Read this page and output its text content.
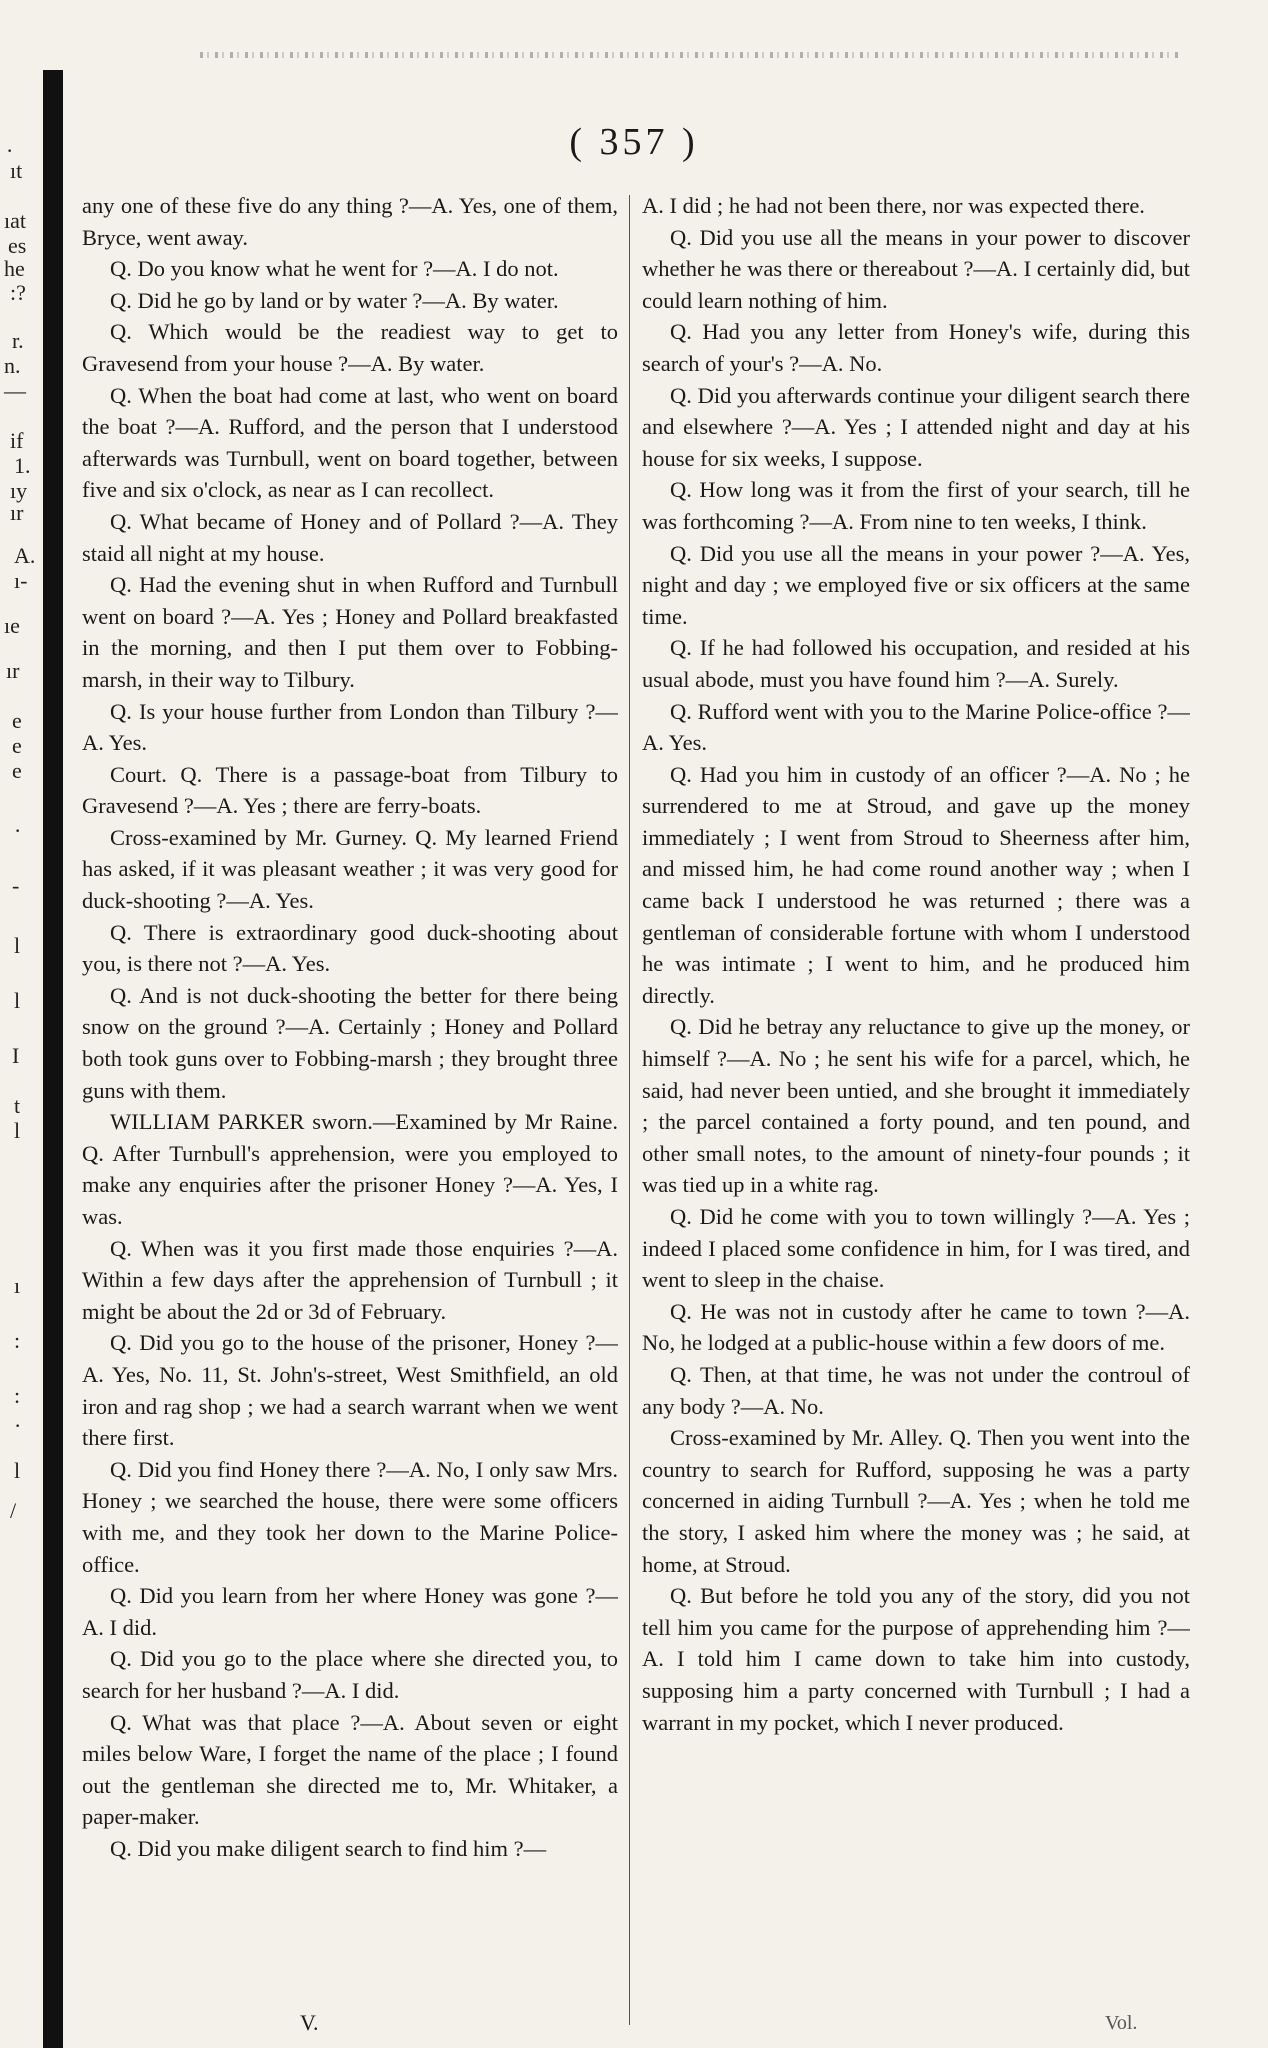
·
ıt
ıat
es
he
:?
r.
n.
—
if
1.
ıy
ır
A.
ı-
ıe
ır
e
e
e
·
-
l
l
I
t
l
ı
:
:
·
l
/
( 357 )

any one of these five do any thing ?—A. Yes, one of them, Bryce, went away.

Q. Do you know what he went for ?—A. I do not.

Q. Did he go by land or by water ?—A. By water.

Q. Which would be the readiest way to get to Gravesend from your house ?—A. By water.

Q. When the boat had come at last, who went on board the boat ?—A. Rufford, and the person that I understood afterwards was Turnbull, went on board together, between five and six o'clock, as near as I can recollect.

Q. What became of Honey and of Pollard ?—A. They staid all night at my house.

Q. Had the evening shut in when Rufford and Turnbull went on board ?—A. Yes ; Honey and Pollard breakfasted in the morning, and then I put them over to Fobbing-marsh, in their way to Tilbury.

Q. Is your house further from London than Tilbury ?—A. Yes.

Court. Q. There is a passage-boat from Tilbury to Gravesend ?—A. Yes ; there are ferry-boats.

Cross-examined by Mr. Gurney. Q. My learned Friend has asked, if it was pleasant weather ; it was very good for duck-shooting ?—A. Yes.

Q. There is extraordinary good duck-shooting about you, is there not ?—A. Yes.

Q. And is not duck-shooting the better for there being snow on the ground ?—A. Certainly ; Honey and Pollard both took guns over to Fobbing-marsh ; they brought three guns with them.

WILLIAM PARKER sworn.—Examined by Mr Raine. Q. After Turnbull's apprehension, were you employed to make any enquiries after the prisoner Honey ?—A. Yes, I was.

Q. When was it you first made those enquiries ?—A. Within a few days after the apprehension of Turnbull ; it might be about the 2d or 3d of February.

Q. Did you go to the house of the prisoner, Honey ?—A. Yes, No. 11, St. John's-street, West Smithfield, an old iron and rag shop ; we had a search warrant when we went there first.

Q. Did you find Honey there ?—A. No, I only saw Mrs. Honey ; we searched the house, there were some officers with me, and they took her down to the Marine Police-office.

Q. Did you learn from her where Honey was gone ?—A. I did.

Q. Did you go to the place where she directed you, to search for her husband ?—A. I did.

Q. What was that place ?—A. About seven or eight miles below Ware, I forget the name of the place ; I found out the gentleman she directed me to, Mr. Whitaker, a paper-maker.

Q. Did you make diligent search to find him ?—

A. I did ; he had not been there, nor was expected there.

Q. Did you use all the means in your power to discover whether he was there or thereabout ?—A. I certainly did, but could learn nothing of him.

Q. Had you any letter from Honey's wife, during this search of your's ?—A. No.

Q. Did you afterwards continue your diligent search there and elsewhere ?—A. Yes ; I attended night and day at his house for six weeks, I suppose.

Q. How long was it from the first of your search, till he was forthcoming ?—A. From nine to ten weeks, I think.

Q. Did you use all the means in your power ?—A. Yes, night and day ; we employed five or six officers at the same time.

Q. If he had followed his occupation, and resided at his usual abode, must you have found him ?—A. Surely.

Q. Rufford went with you to the Marine Police-office ?—A. Yes.

Q. Had you him in custody of an officer ?—A. No ; he surrendered to me at Stroud, and gave up the money immediately ; I went from Stroud to Sheerness after him, and missed him, he had come round another way ; when I came back I understood he was returned ; there was a gentleman of considerable fortune with whom I understood he was intimate ; I went to him, and he produced him directly.

Q. Did he betray any reluctance to give up the money, or himself ?—A. No ; he sent his wife for a parcel, which, he said, had never been untied, and she brought it immediately ; the parcel contained a forty pound, and ten pound, and other small notes, to the amount of ninety-four pounds ; it was tied up in a white rag.

Q. Did he come with you to town willingly ?—A. Yes ; indeed I placed some confidence in him, for I was tired, and went to sleep in the chaise.

Q. He was not in custody after he came to town ?—A. No, he lodged at a public-house within a few doors of me.

Q. Then, at that time, he was not under the controul of any body ?—A. No.

Cross-examined by Mr. Alley. Q. Then you went into the country to search for Rufford, supposing he was a party concerned in aiding Turnbull ?—A. Yes ; when he told me the story, I asked him where the money was ; he said, at home, at Stroud.

Q. But before he told you any of the story, did you not tell him you came for the purpose of apprehending him ?—A. I told him I came down to take him into custody, supposing him a party concerned with Turnbull ; I had a warrant in my pocket, which I never produced.

V.	Vol.
